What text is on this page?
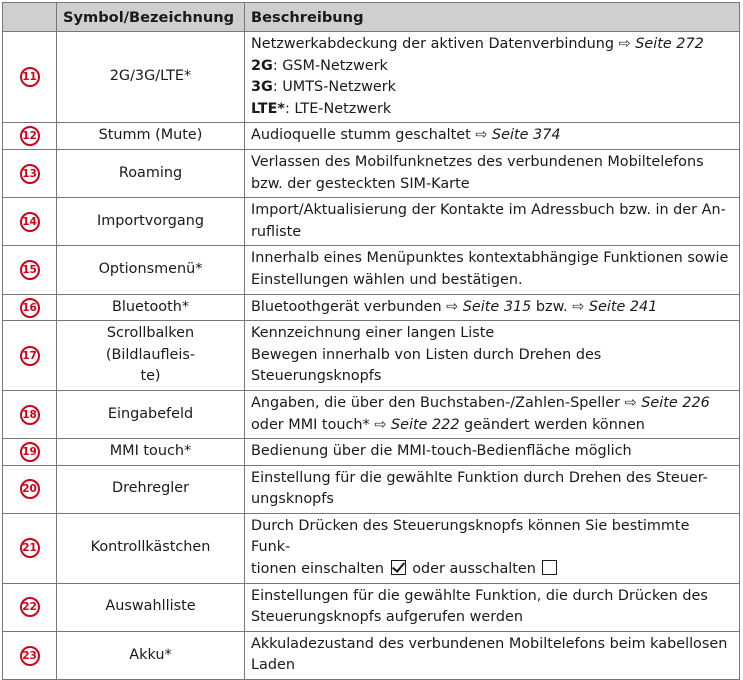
	Symbol/Bezeichnung	Beschreibung
11	2G/3G/LTE*	Netzwerkabdeckung der aktiven Datenverbindung ⇨ Seite 272
2G: GSM-Netzwerk
3G: UMTS-Netzwerk
LTE*: LTE-Netzwerk

12	Stumm (Mute)	Audioquelle stumm geschaltet ⇨ Seite 374

13	Roaming	Verlassen des Mobilfunknetzes des verbundenen Mobiltelefons
bzw. der gesteckten SIM-Karte

14	Importvorgang	Import/Aktualisierung der Kontakte im Adressbuch bzw. in der An-
rufliste

15	Optionsmenü*	Innerhalb eines Menüpunktes kontextabhängige Funktionen sowie
Einstellungen wählen und bestätigen.

16	Bluetooth*	Bluetoothgerät verbunden ⇨ Seite 315 bzw. ⇨ Seite 241

17	Scrollbalken (Bildlaufleis-
te)	Kennzeichnung einer langen Liste
Bewegen innerhalb von Listen durch Drehen des Steuerungsknopfs

18	Eingabefeld	Angaben, die über den Buchstaben-/Zahlen-Speller ⇨ Seite 226
oder MMI touch* ⇨ Seite 222 geändert werden können

19	MMI touch*	Bedienung über die MMI-touch-Bedienfläche möglich

20	Drehregler	Einstellung für die gewählte Funktion durch Drehen des Steuer-
ungsknopfs

21	Kontrollkästchen	Durch Drücken des Steuerungsknopfs können Sie bestimmte Funk-
tionen einschalten  oder ausschalten

22	Auswahlliste	Einstellungen für die gewählte Funktion, die durch Drücken des
Steuerungsknopfs aufgerufen werden

23	Akku*	Akkuladezustand des verbundenen Mobiltelefons beim kabellosen
Laden
